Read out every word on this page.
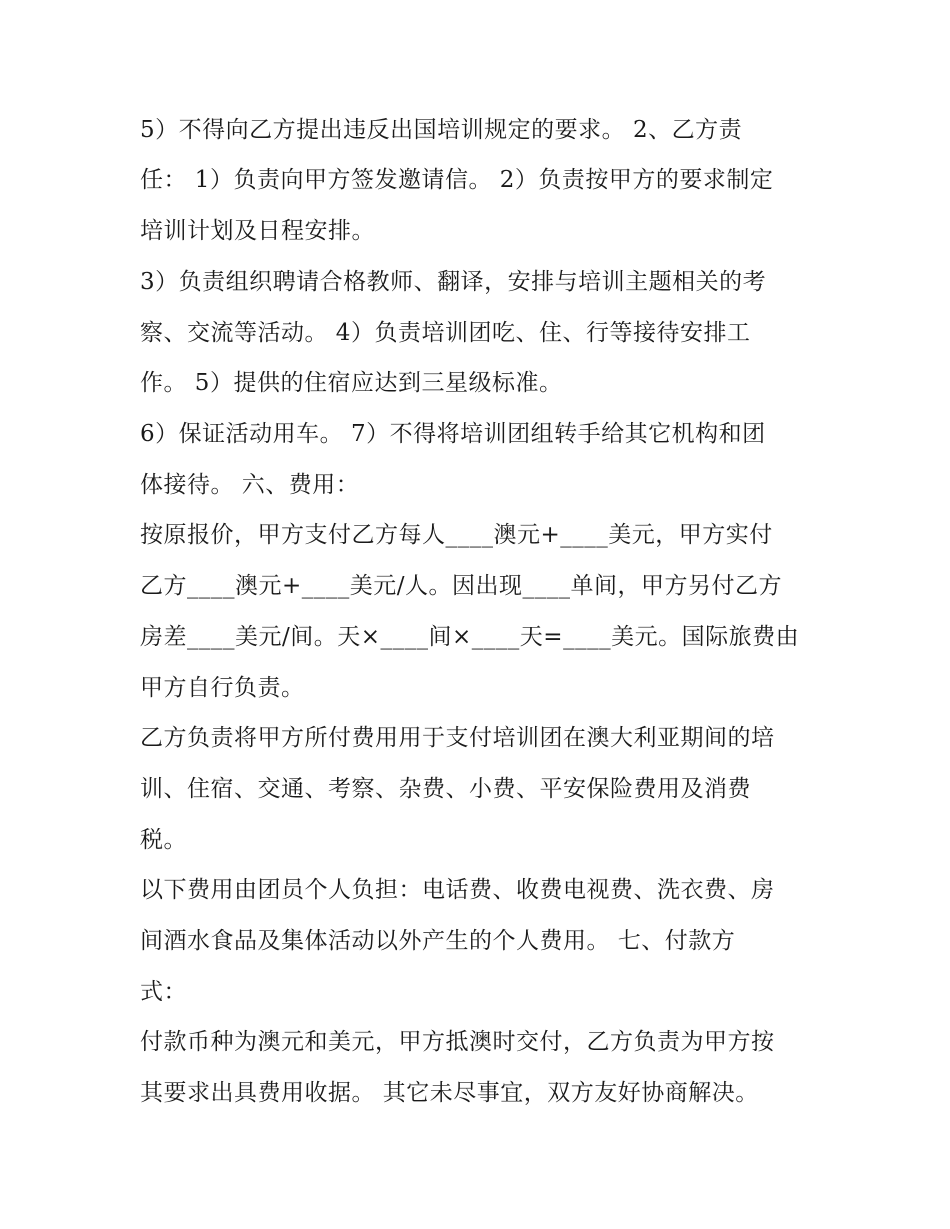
5）不得向乙方提出违反出国培训规定的要求。 2、乙方责
任： 1）负责向甲方签发邀请信。 2）负责按甲方的要求制定
培训计划及日程安排。
3）负责组织聘请合格教师、翻译，安排与培训主题相关的考
察、交流等活动。 4）负责培训团吃、住、行等接待安排工
作。 5）提供的住宿应达到三星级标准。
6）保证活动用车。 7）不得将培训团组转手给其它机构和团
体接待。 六、费用：
按原报价，甲方支付乙方每人____澳元+____美元，甲方实付
乙方____澳元+____美元/人。因出现____单间，甲方另付乙方
房差____美元/间。天×____间×____天=____美元。国际旅费由
甲方自行负责。
乙方负责将甲方所付费用用于支付培训团在澳大利亚期间的培
训、住宿、交通、考察、杂费、小费、平安保险费用及消费
税。
以下费用由团员个人负担：电话费、收费电视费、洗衣费、房
间酒水食品及集体活动以外产生的个人费用。 七、付款方
式：
付款币种为澳元和美元，甲方抵澳时交付，乙方负责为甲方按
其要求出具费用收据。 其它未尽事宜，双方友好协商解决。
